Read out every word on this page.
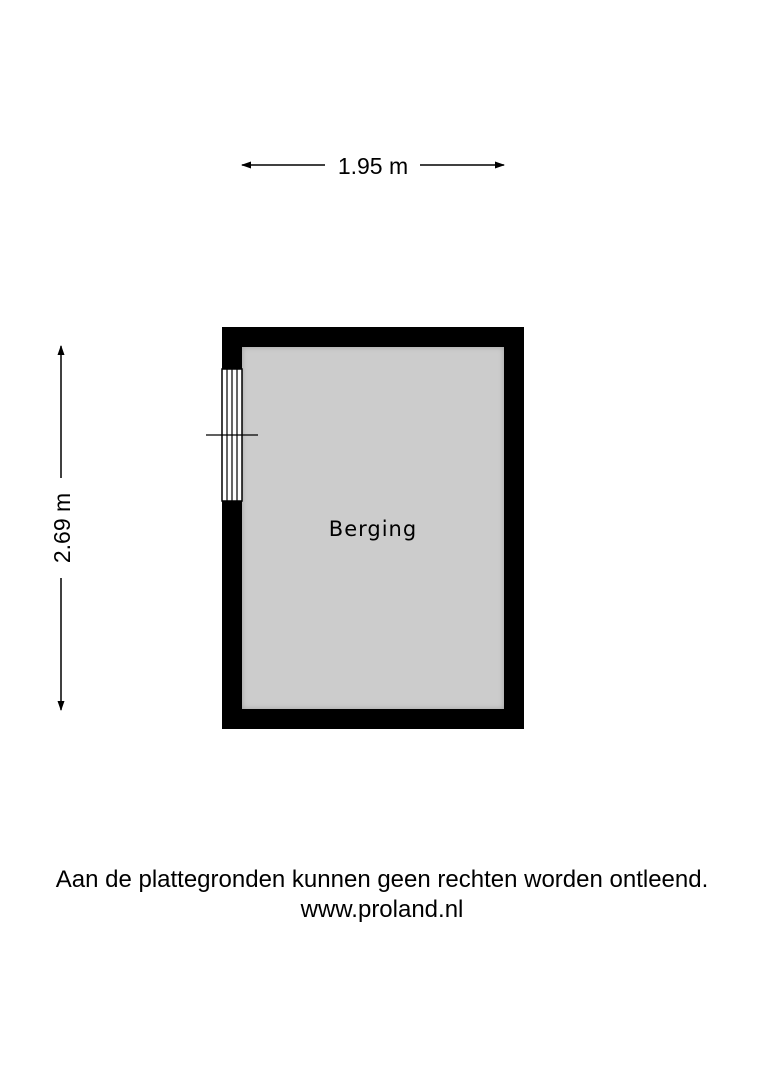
1.95 m
2.69 m	Berging
Aan de plattegronden kunnen geen rechten worden ontleend.
www.proland.nl
